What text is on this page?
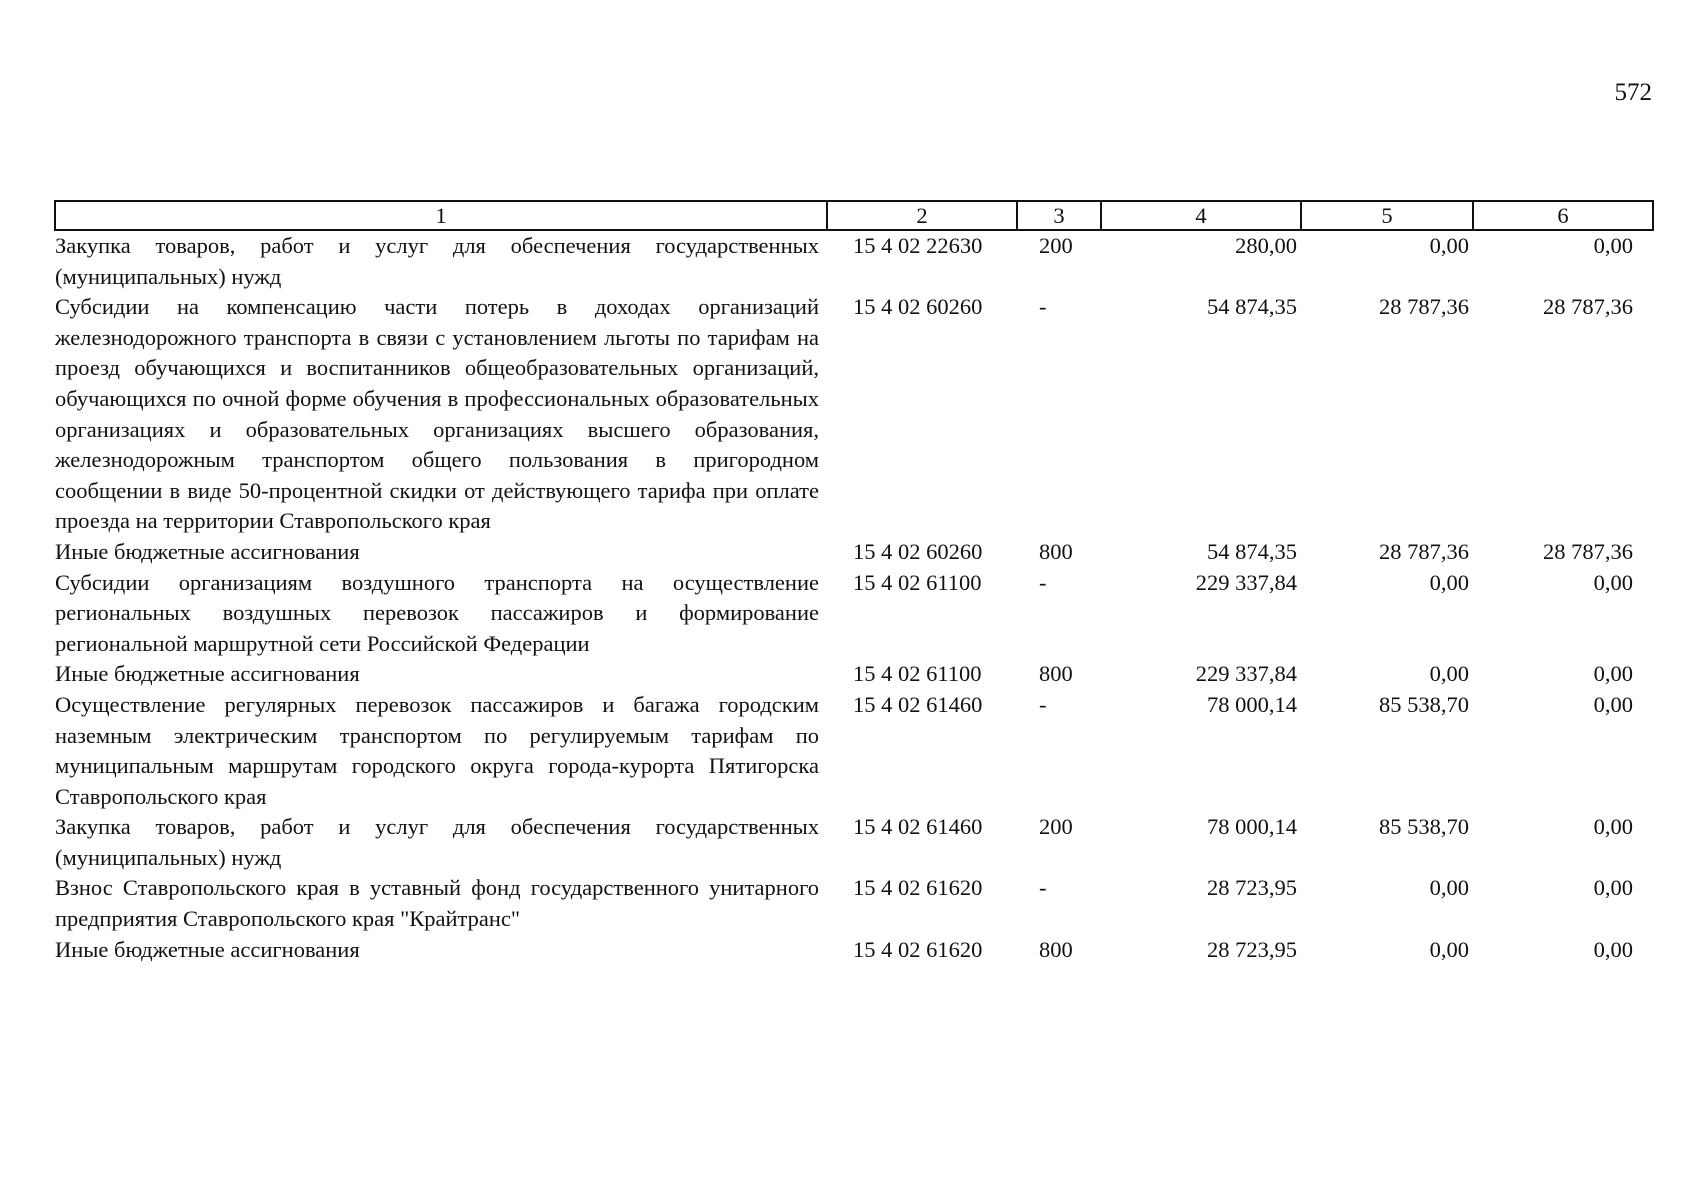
572
1	2	3	4	5	6
Закупка товаров, работ и услуг для обеспечения государственных (муниципальных) нужд	15 4 02 22630	200	280,00	0,00	0,00
Субсидии на компенсацию части потерь в доходах организаций железнодорожного транспорта в связи с установлением льготы по тарифам на проезд обучающихся и воспитанников общеобразовательных организаций, обучающихся по очной форме обучения в профессиональных образовательных организациях и образовательных организациях высшего образования, железнодорожным транспортом общего пользования в пригородном сообщении в виде 50-процентной скидки от действующего тарифа при оплате проезда на территории Ставропольского края	15 4 02 60260	-	54 874,35	28 787,36	28 787,36
Иные бюджетные ассигнования	15 4 02 60260	800	54 874,35	28 787,36	28 787,36
Субсидии организациям воздушного транспорта на осуществление региональных воздушных перевозок пассажиров и формирование региональной маршрутной сети Российской Федерации	15 4 02 61100	-	229 337,84	0,00	0,00
Иные бюджетные ассигнования	15 4 02 61100	800	229 337,84	0,00	0,00
Осуществление регулярных перевозок пассажиров и багажа городским наземным электрическим транспортом по регулируемым тарифам по муниципальным маршрутам городского округа города-курорта Пятигорска Ставропольского края	15 4 02 61460	-	78 000,14	85 538,70	0,00
Закупка товаров, работ и услуг для обеспечения государственных (муниципальных) нужд	15 4 02 61460	200	78 000,14	85 538,70	0,00
Взнос Ставропольского края в уставный фонд государственного унитарного предприятия Ставропольского края "Крайтранс"	15 4 02 61620	-	28 723,95	0,00	0,00
Иные бюджетные ассигнования	15 4 02 61620	800	28 723,95	0,00	0,00
